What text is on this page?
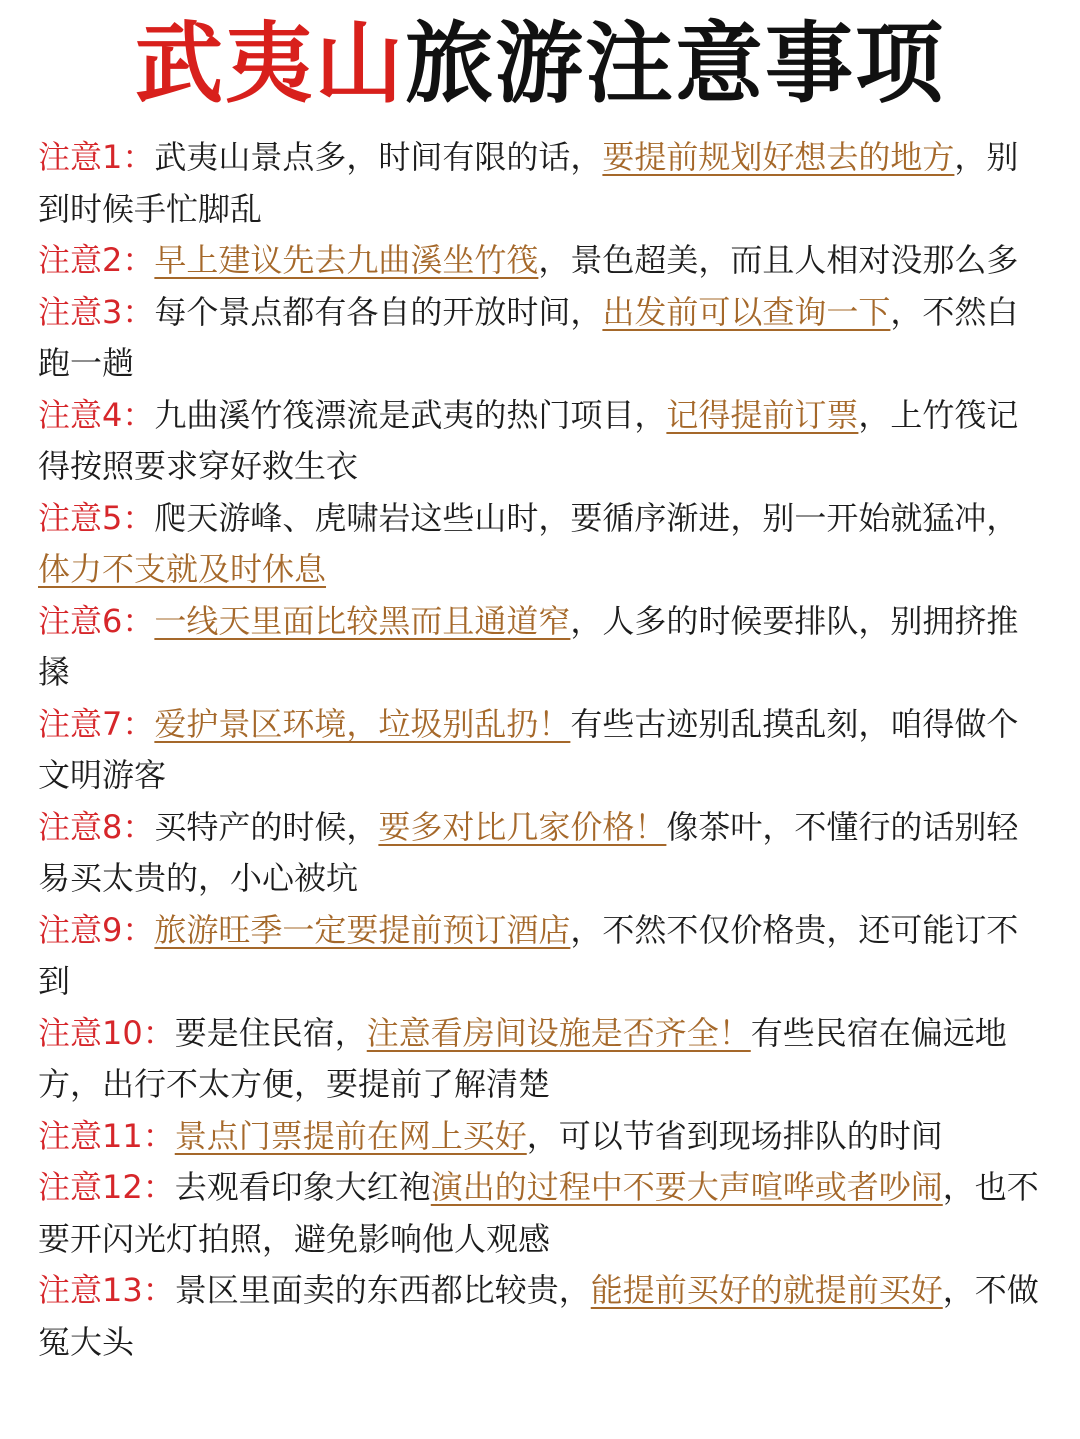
武夷山旅游注意事项
注意1：武夷山景点多，时间有限的话，要提前规划好想去的地方，别到时候手忙脚乱
注意2：早上建议先去九曲溪坐竹筏，景色超美，而且人相对没那么多
注意3：每个景点都有各自的开放时间，出发前可以查询一下，不然白跑一趟
注意4：九曲溪竹筏漂流是武夷的热门项目，记得提前订票，上竹筏记得按照要求穿好救生衣
注意5：爬天游峰、虎啸岩这些山时，要循序渐进，别一开始就猛冲，体力不支就及时休息
注意6：一线天里面比较黑而且通道窄，人多的时候要排队，别拥挤推搡
注意7：爱护景区环境，垃圾别乱扔！有些古迹别乱摸乱刻，咱得做个文明游客
注意8：买特产的时候，要多对比几家价格！像茶叶，不懂行的话别轻易买太贵的，小心被坑
注意9：旅游旺季一定要提前预订酒店，不然不仅价格贵，还可能订不到
注意10：要是住民宿，注意看房间设施是否齐全！有些民宿在偏远地方，出行不太方便，要提前了解清楚
注意11：景点门票提前在网上买好，可以节省到现场排队的时间
注意12：去观看印象大红袍演出的过程中不要大声喧哗或者吵闹，也不要开闪光灯拍照，避免影响他人观感
注意13：景区里面卖的东西都比较贵，能提前买好的就提前买好，不做冤大头
